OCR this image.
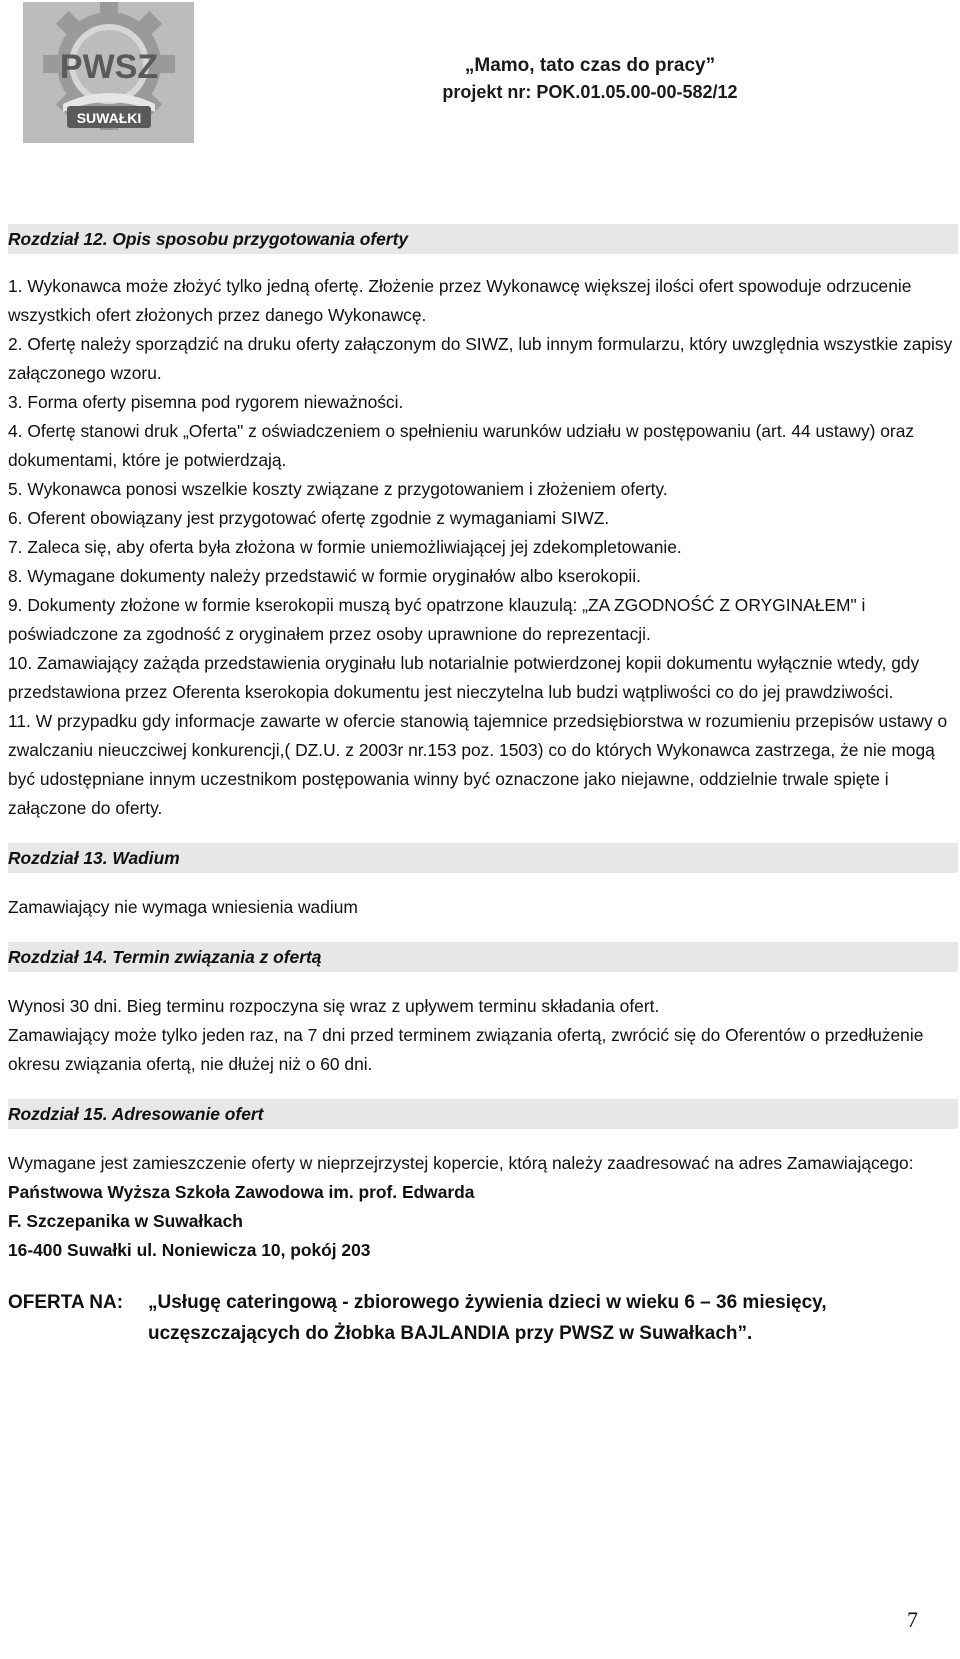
PWSZ
SUWAŁKI
„Mamo, tato czas do pracy”
projekt nr: POK.01.05.00-00-582/12
Rozdział 12. Opis sposobu przygotowania oferty

1. Wykonawca może złożyć tylko jedną ofertę. Złożenie przez Wykonawcę większej ilości ofert spowoduje odrzucenie wszystkich ofert złożonych przez danego Wykonawcę.

2. Ofertę należy sporządzić na druku oferty załączonym do SIWZ, lub innym formularzu, który uwzględnia wszystkie zapisy załączonego wzoru.

3. Forma oferty pisemna pod rygorem nieważności.

4. Ofertę stanowi druk „Oferta" z oświadczeniem o spełnieniu warunków udziału w postępowaniu (art. 44 ustawy) oraz dokumentami, które je potwierdzają.

5. Wykonawca ponosi wszelkie koszty związane z przygotowaniem i złożeniem oferty.

6. Oferent obowiązany jest przygotować ofertę zgodnie z wymaganiami SIWZ.

7. Zaleca się, aby oferta była złożona w formie uniemożliwiającej jej zdekompletowanie.

8. Wymagane dokumenty należy przedstawić w formie oryginałów albo kserokopii.

9. Dokumenty złożone w formie kserokopii muszą być opatrzone klauzulą: „ZA ZGODNOŚĆ Z ORYGINAŁEM" i poświadczone za zgodność z oryginałem przez osoby uprawnione do reprezentacji.

10. Zamawiający zażąda przedstawienia oryginału lub notarialnie potwierdzonej kopii dokumentu wyłącznie wtedy, gdy przedstawiona przez Oferenta kserokopia dokumentu jest nieczytelna lub budzi wątpliwości co do jej prawdziwości.

11. W przypadku gdy informacje zawarte w ofercie stanowią tajemnice przedsiębiorstwa w rozumieniu przepisów ustawy o zwalczaniu nieuczciwej konkurencji,( DZ.U. z 2003r nr.153 poz. 1503) co do których Wykonawca zastrzega, że nie mogą być udostępniane innym uczestnikom postępowania winny być oznaczone jako niejawne, oddzielnie trwale spięte i załączone do oferty.

Rozdział 13. Wadium

Zamawiający nie wymaga wniesienia wadium

Rozdział 14. Termin związania z ofertą

Wynosi 30 dni. Bieg terminu rozpoczyna się wraz z upływem terminu składania ofert.

Zamawiający może tylko jeden raz, na 7 dni przed terminem związania ofertą, zwrócić się do Oferentów o przedłużenie okresu związania ofertą, nie dłużej niż o 60 dni.

Rozdział 15. Adresowanie ofert

Wymagane jest zamieszczenie oferty w nieprzejrzystej kopercie, którą należy zaadresować na adres Zamawiającego:

Państwowa Wyższa Szkoła Zawodowa im. prof. Edwarda

F. Szczepanika w Suwałkach

16-400 Suwałki ul. Noniewicza 10, pokój 203

OFERTA NA:	„Usługę cateringową - zbiorowego żywienia dzieci w wieku 6 – 36 miesięcy, uczęszczających do Żłobka BAJLANDIA przy PWSZ w Suwałkach”.
7
